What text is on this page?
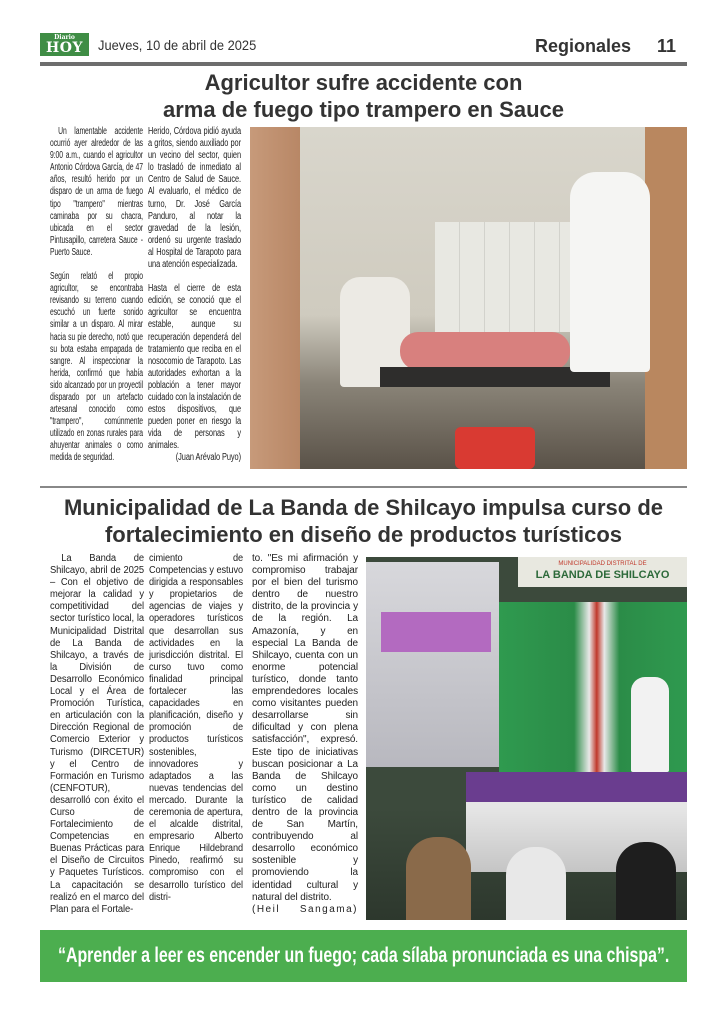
Diario
HOY	Jueves, 10 de abril de 2025	Regionales 11
Agricultor sufre accidente con
arma de fuego tipo trampero en Sauce

Un lamentable accidente ocurrió ayer alrededor de las 9:00 a.m., cuando el agricultor Antonio Córdova García, de 47 años, resultó herido por un disparo de un arma de fuego tipo "trampero" mientras caminaba por su chacra, ubicada en el sector Pintusapillo, carretera Sauce - Puerto Sauce.

Según relató el propio agricultor, se encontraba revisando su terreno cuando escuchó un fuerte sonido similar a un disparo. Al mirar hacia su pie derecho, notó que su bota estaba empapada de sangre. Al inspeccionar la herida, confirmó que había sido alcanzado por un proyectil disparado por un artefacto artesanal conocido como "trampero", comúnmente utilizado en zonas rurales para ahuyentar animales o como medida de seguridad.

Herido, Córdova pidió ayuda a gritos, siendo auxiliado por un vecino del sector, quien lo trasladó de inmediato al Centro de Salud de Sauce. Al evaluarlo, el médico de turno, Dr. José García Panduro, al notar la gravedad de la lesión, ordenó su urgente traslado al Hospital de Tarapoto para una atención especializada.

Hasta el cierre de esta edición, se conoció que el agricultor se encuentra estable, aunque su recuperación dependerá del tratamiento que reciba en el nosocomio de Tarapoto. Las autoridades exhortan a la población a tener mayor cuidado con la instalación de estos dispositivos, que pueden poner en riesgo la vida de personas y animales.

(Juan Arévalo Puyo)
Municipalidad de La Banda de Shilcayo impulsa curso de
fortalecimiento en diseño de productos turísticos

La Banda de Shilcayo, abril de 2025 – Con el objetivo de mejorar la calidad y competitividad del sector turístico local, la Municipalidad Distrital de La Banda de Shilcayo, a través de la División de Desarrollo Económico Local y el Área de Promoción Turística, en articulación con la Dirección Regional de Comercio Exterior y Turismo (DIRCETUR) y el Centro de Formación en Turismo (CENFOTUR), desarrolló con éxito el Curso de Fortalecimiento de Competencias en Buenas Prácticas para el Diseño de Circuitos y Paquetes Turísticos. La capacitación se realizó en el marco del Plan para el Fortale-

cimiento de Competencias y estuvo dirigida a responsables y propietarios de agencias de viajes y operadores turísticos que desarrollan sus actividades en la jurisdicción distrital. El curso tuvo como finalidad principal fortalecer las capacidades en planificación, diseño y promoción de productos turísticos sostenibles, innovadores y adaptados a las nuevas tendencias del mercado. Durante la ceremonia de apertura, el alcalde distrital, empresario Alberto Enrique Hildebrand Pinedo, reafirmó su compromiso con el desarrollo turístico del distri-

to. "Es mi afirmación y compromiso trabajar por el bien del turismo dentro de nuestro distrito, de la provincia y de la región. La Amazonía, y en especial La Banda de Shilcayo, cuenta con un enorme potencial turístico, donde tanto emprendedores locales como visitantes pueden desarrollarse sin dificultad y con plena satisfacción", expresó. Este tipo de iniciativas buscan posicionar a La Banda de Shilcayo como un destino turístico de calidad dentro de la provincia de San Martín, contribuyendo al desarrollo económico sostenible y promoviendo la identidad cultural y natural del distrito.

(Heil Sangama)
MUNICIPALIDAD DISTRITAL DE
LA BANDA DE SHILCAYO
“Aprender a leer es encender un fuego; cada sílaba pronunciada es una chispa”.
